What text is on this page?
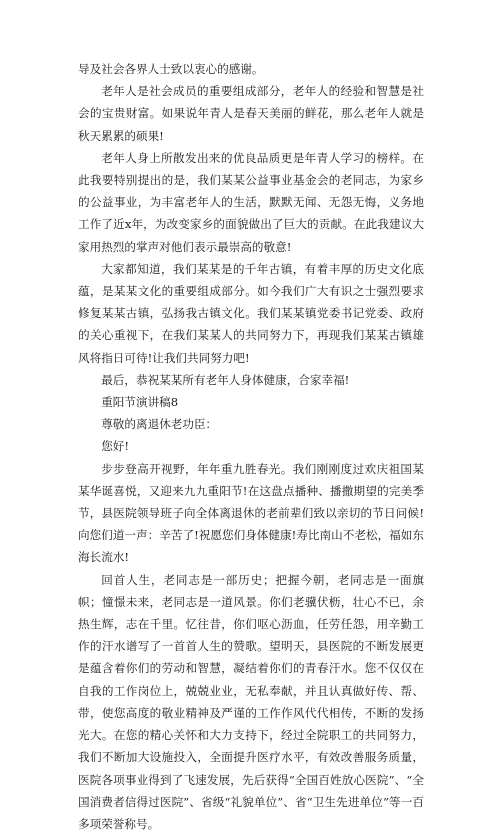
导及社会各界人士致以衷心的感谢。

老年人是社会成员的重要组成部分，老年人的经验和智慧是社会的宝贵财富。如果说年青人是春天美丽的鲜花，那么老年人就是秋天累累的硕果!

老年人身上所散发出来的优良品质更是年青人学习的榜样。在此我要特别提出的是，我们某某公益事业基金会的老同志，为家乡的公益事业，为丰富老年人的生活，默默无闻、无怨无悔，义务地工作了近x年，为改变家乡的面貌做出了巨大的贡献。在此我建议大家用热烈的掌声对他们表示最崇高的敬意!

大家都知道，我们某某是的千年古镇，有着丰厚的历史文化底蕴，是某某文化的重要组成部分。如今我们广大有识之士强烈要求修复某某古镇，弘扬我古镇文化。我们某某镇党委书记党委、政府的关心重视下，在我们某某人的共同努力下，再现我们某某古镇雄风将指日可待!让我们共同努力吧!

最后，恭祝某某所有老年人身体健康，合家幸福!

重阳节演讲稿8

尊敬的离退休老功臣：

您好!

步步登高开视野，年年重九胜春光。我们刚刚度过欢庆祖国某某华诞喜悦，又迎来九九重阳节!在这盘点播种、播撒期望的完美季节，县医院领导班子向全体离退休的老前辈们致以亲切的节日问候!向您们道一声：辛苦了!祝愿您们身体健康!寿比南山不老松，福如东海长流水!

回首人生，老同志是一部历史；把握今朝，老同志是一面旗帜；憧憬未来，老同志是一道风景。你们老骥伏枥，壮心不已，余热生辉，志在千里。忆往昔，你们呕心沥血，任劳任怨，用辛勤工作的汗水谱写了一首首人生的赞歌。望明天，县医院的不断发展更是蕴含着你们的劳动和智慧，凝结着你们的青春汗水。您不仅仅在自我的工作岗位上，兢兢业业，无私奉献，并且认真做好传、帮、带，使您高度的敬业精神及严谨的工作作风代代相传，不断的发扬光大。在您的精心关怀和大力支持下，经过全院职工的共同努力，我们不断加大设施投入，全面提升医疗水平，有效改善服务质量，医院各项事业得到了飞速发展，先后获得“全国百姓放心医院”、“全国消费者信得过医院”、省级“礼貌单位”、省“卫生先进单位”等一百多项荣誉称号。
